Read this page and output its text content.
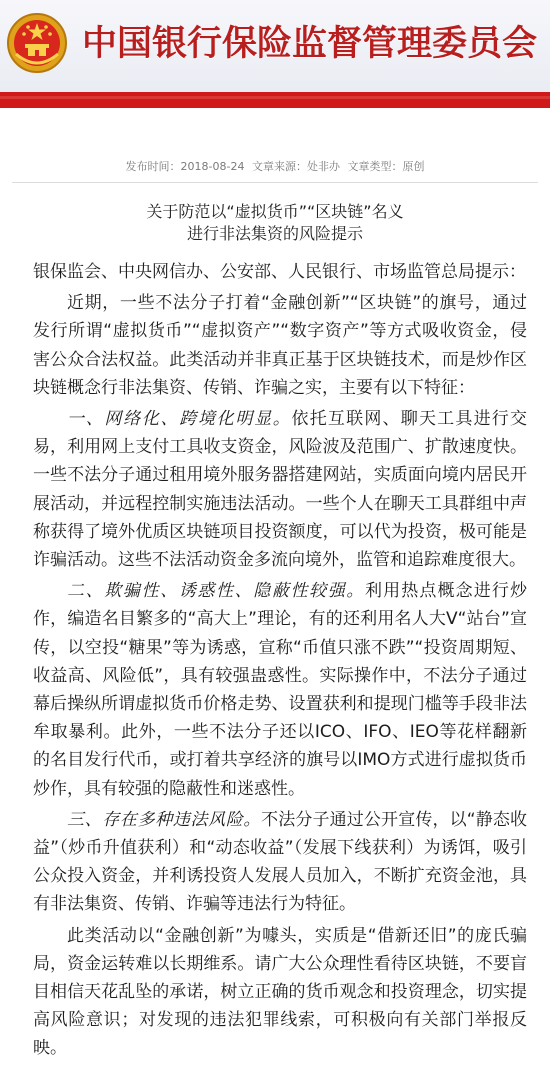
中国银行保险监督管理委员会
发布时间：2018-08-24 文章来源：处非办 文章类型：原创
关于防范以“虚拟货币”“区块链”名义
进行非法集资的风险提示

银保监会、中央网信办、公安部、人民银行、市场监管总局提示：

近期，一些不法分子打着“金融创新”“区块链”的旗号，通过发行所谓“虚拟货币”“虚拟资产”“数字资产”等方式吸收资金，侵害公众合法权益。此类活动并非真正基于区块链技术，而是炒作区块链概念行非法集资、传销、诈骗之实，主要有以下特征：

一、网络化、跨境化明显。依托互联网、聊天工具进行交易，利用网上支付工具收支资金，风险波及范围广、扩散速度快。一些不法分子通过租用境外服务器搭建网站，实质面向境内居民开展活动，并远程控制实施违法活动。一些个人在聊天工具群组中声称获得了境外优质区块链项目投资额度，可以代为投资，极可能是诈骗活动。这些不法活动资金多流向境外，监管和追踪难度很大。

二、欺骗性、诱惑性、隐蔽性较强。利用热点概念进行炒作，编造名目繁多的“高大上”理论，有的还利用名人大V“站台”宣传，以空投“糖果”等为诱惑，宣称“币值只涨不跌”“投资周期短、收益高、风险低”，具有较强蛊惑性。实际操作中，不法分子通过幕后操纵所谓虚拟货币价格走势、设置获利和提现门槛等手段非法牟取暴利。此外，一些不法分子还以ICO、IFO、IEO等花样翻新的名目发行代币，或打着共享经济的旗号以IMO方式进行虚拟货币炒作，具有较强的隐蔽性和迷惑性。

三、存在多种违法风险。不法分子通过公开宣传，以“静态收益”（炒币升值获利）和“动态收益”（发展下线获利）为诱饵，吸引公众投入资金，并利诱投资人发展人员加入，不断扩充资金池，具有非法集资、传销、诈骗等违法行为特征。

此类活动以“金融创新”为噱头，实质是“借新还旧”的庞氏骗局，资金运转难以长期维系。请广大公众理性看待区块链，不要盲目相信天花乱坠的承诺，树立正确的货币观念和投资理念，切实提高风险意识；对发现的违法犯罪线索，可积极向有关部门举报反映。
